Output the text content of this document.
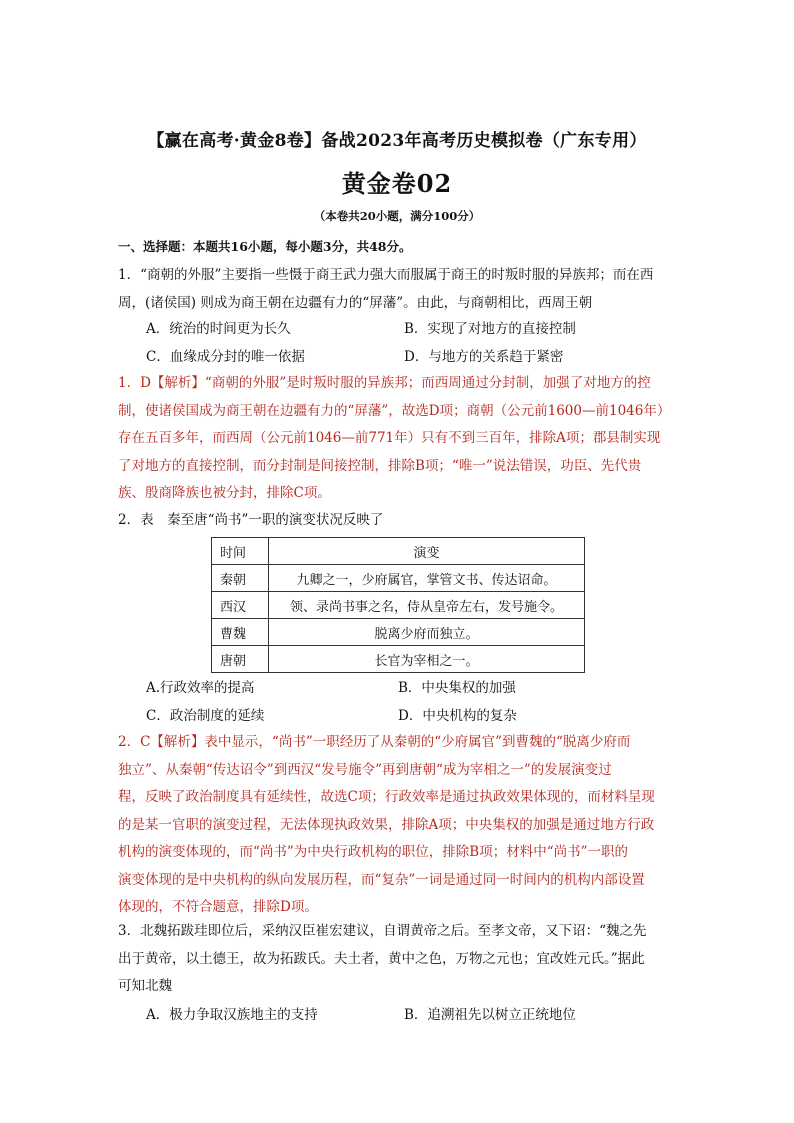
【赢在高考·黄金8卷】备战2023年高考历史模拟卷（广东专用）
黄金卷02
（本卷共20小题，满分100分）
一、选择题：本题共16小题，每小题3分，共48分。
1．“商朝的外服”主要指一些慑于商王武力强大而服属于商王的时叛时服的异族邦；而在西
周，(诸侯国) 则成为商王朝在边疆有力的“屏藩”。由此，与商朝相比，西周王朝
A．统治的时间更为长久	B．实现了对地方的直接控制
C．血缘成分封的唯一依据	D．与地方的关系趋于紧密
1．D【解析】“商朝的外服”是时叛时服的异族邦；而西周通过分封制，加强了对地方的控
制，使诸侯国成为商王朝在边疆有力的“屏藩”，故选D项；商朝（公元前1600—前1046年）
存在五百多年，而西周（公元前1046—前771年）只有不到三百年，排除A项；郡县制实现
了对地方的直接控制，而分封制是间接控制，排除B项；“唯一”说法错误，功臣、先代贵
族、殷商降族也被分封，排除C项。
2．表　秦至唐“尚书”一职的演变状况反映了
时间	演变
秦朝	九卿之一，少府属官，掌管文书、传达诏命。
西汉	领、录尚书事之名，侍从皇帝左右，发号施令。
曹魏	脱离少府而独立。
唐朝	长官为宰相之一。
A.行政效率的提高	B．中央集权的加强
C．政治制度的延续	D．中央机构的复杂
2．C【解析】表中显示，“尚书”一职经历了从秦朝的“少府属官”到曹魏的“脱离少府而
独立”、从秦朝“传达诏令”到西汉“发号施令”再到唐朝“成为宰相之一”的发展演变过
程，反映了政治制度具有延续性，故选C项；行政效率是通过执政效果体现的，而材料呈现
的是某一官职的演变过程，无法体现执政效果，排除A项；中央集权的加强是通过地方行政
机构的演变体现的，而“尚书”为中央行政机构的职位，排除B项；材料中“尚书”一职的
演变体现的是中央机构的纵向发展历程，而“复杂”一词是通过同一时间内的机构内部设置
体现的，不符合题意，排除D项。
3．北魏拓跋珪即位后，采纳汉臣崔宏建议，自谓黄帝之后。至孝文帝，又下诏：“魏之先
出于黄帝，以土德王，故为拓跋氏。夫土者，黄中之色，万物之元也；宜改姓元氏。”据此
可知北魏
A．极力争取汉族地主的支持	B．追溯祖先以树立正统地位
